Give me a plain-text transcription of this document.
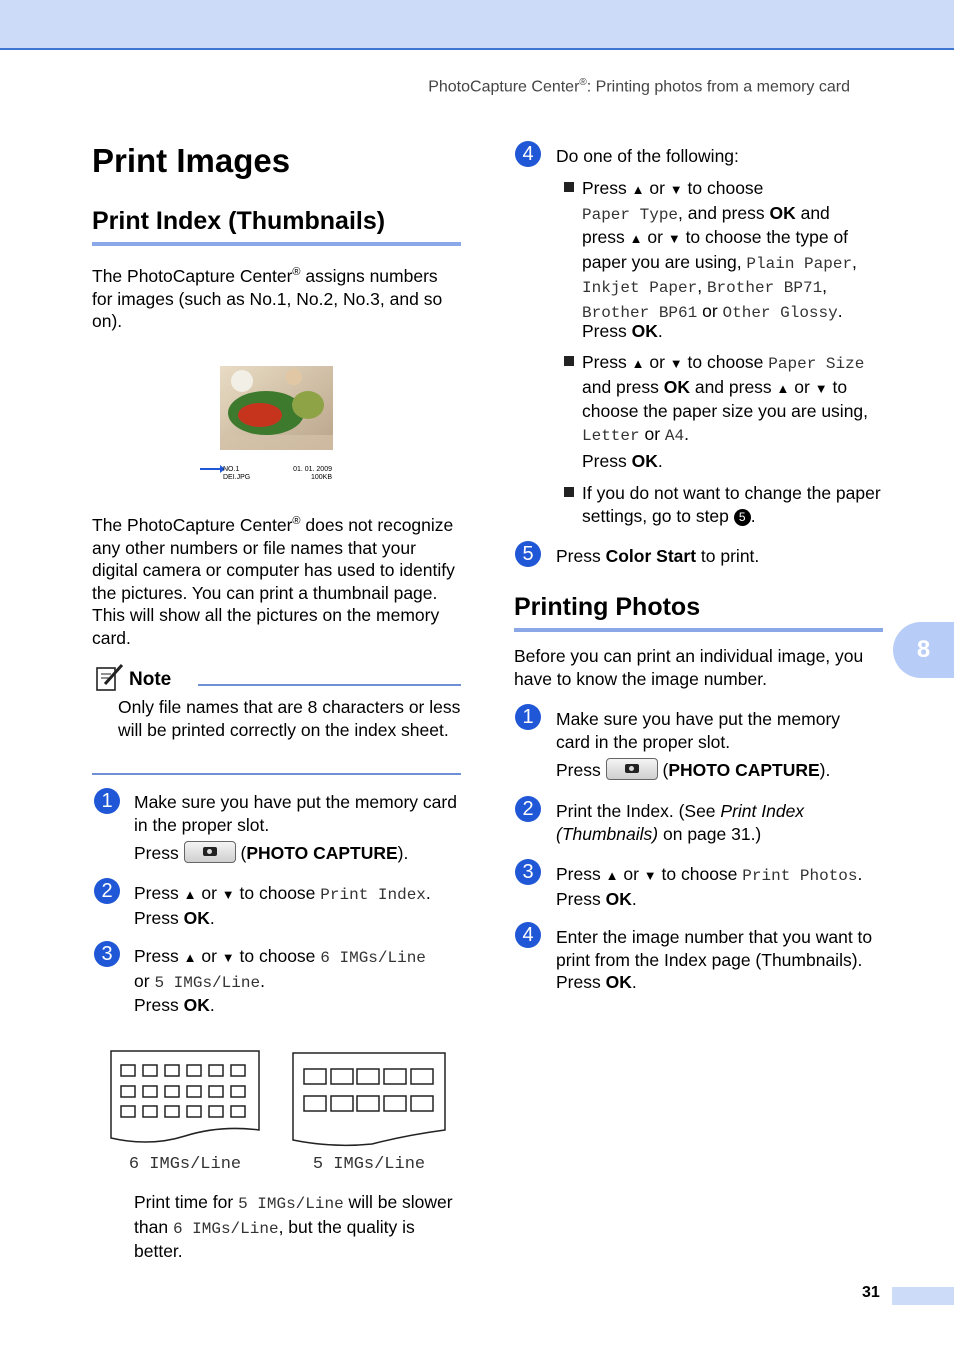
PhotoCapture Center®: Printing photos from a memory card
Print Images
Print Index (Thumbnails)
The PhotoCapture Center® assigns numbers for images (such as No.1, No.2, No.3, and so on).
NO.1
DEI.JPG
01. 01. 2009
100KB
The PhotoCapture Center® does not recognize any other numbers or file names that your digital camera or computer has used to identify the pictures. You can print a thumbnail page. This will show all the pictures on the memory card.
Note
Only file names that are 8 characters or less will be printed correctly on the index sheet.
1	Make sure you have put the memory card in the proper slot.
Press	(PHOTO CAPTURE).
2	Press ▲ or ▼ to choose Print Index.
Press OK.
3	Press ▲ or ▼ to choose 6 IMGs/Line
or 5 IMGs/Line.
Press OK.
6 IMGs/Line	5 IMGs/Line
Print time for 5 IMGs/Line will be slower than 6 IMGs/Line, but the quality is better.
4	Do one of the following:
Press ▲ or ▼ to choose
Paper Type, and press OK and
press ▲ or ▼ to choose the type of
paper you are using, Plain Paper,
Inkjet Paper, Brother BP71,
Brother BP61 or Other Glossy.
Press OK.
Press ▲ or ▼ to choose Paper Size
and press OK and press ▲ or ▼ to
choose the paper size you are using,
Letter or A4.
Press OK.
If you do not want to change the paper settings, go to step 5 .
5	Press Color Start to print.
Printing Photos
Before you can print an individual image, you have to know the image number.
1	Make sure you have put the memory card in the proper slot.
Press	(PHOTO CAPTURE).
2	Print the Index. (See Print Index (Thumbnails) on page 31.)
3	Press ▲ or ▼ to choose Print Photos.
Press OK.
4	Enter the image number that you want to print from the Index page (Thumbnails). Press OK.
8
31
